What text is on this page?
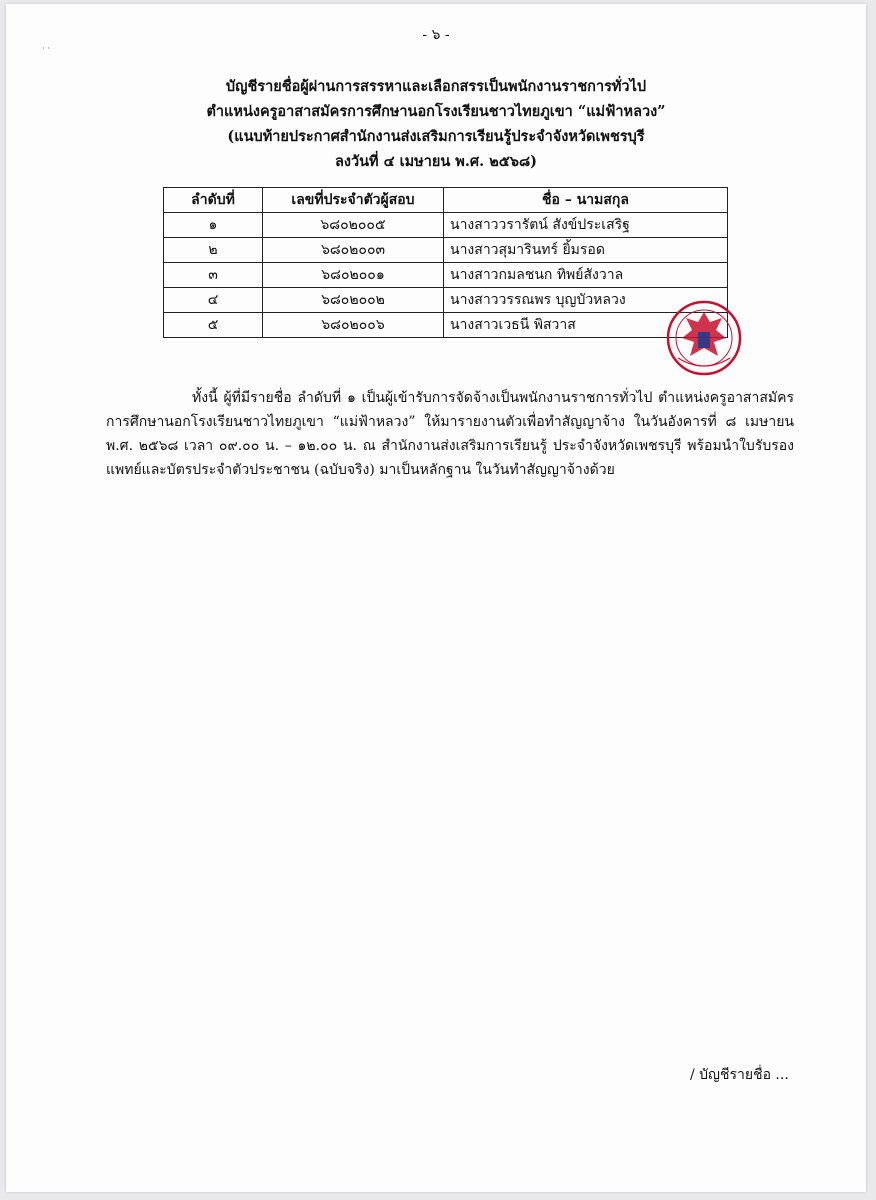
· ·
- ๖ -
บัญชีรายชื่อผู้ผ่านการสรรหาและเลือกสรรเป็นพนักงานราชการทั่วไป
ตำแหน่งครูอาสาสมัครการศึกษานอกโรงเรียนชาวไทยภูเขา “แม่ฟ้าหลวง”
(แนบท้ายประกาศสำนักงานส่งเสริมการเรียนรู้ประจำจังหวัดเพชรบุรี
ลงวันที่ ๔ เมษายน พ.ศ. ๒๕๖๘)
ลำดับที่	เลขที่ประจำตัวผู้สอบ	ชื่อ – นามสกุล
๑	๖๘๐๒๐๐๕	นางสาววรารัตน์ สังข์ประเสริฐ
๒	๖๘๐๒๐๐๓	นางสาวสุมารินทร์ ยิ้มรอด
๓	๖๘๐๒๐๐๑	นางสาวกมลชนก ทิพย์สังวาล
๔	๖๘๐๒๐๐๒	นางสาววรรณพร บุญบัวหลวง
๕	๖๘๐๒๐๐๖	นางสาวเวธนี พิสวาส

ทั้งนี้ ผู้ที่มีรายชื่อ ลำดับที่ ๑ เป็นผู้เข้ารับการจัดจ้างเป็นพนักงานราชการทั่วไป ตำแหน่งครูอาสาสมัครการศึกษานอกโรงเรียนชาวไทยภูเขา “แม่ฟ้าหลวง” ให้มารายงานตัวเพื่อทำสัญญาจ้าง ในวันอังคารที่ ๘ เมษายน พ.ศ. ๒๕๖๘ เวลา ๐๙.๐๐ น. – ๑๒.๐๐ น. ณ สำนักงานส่งเสริมการเรียนรู้ ประจำจังหวัดเพชรบุรี พร้อมนำใบรับรองแพทย์และบัตรประจำตัวประชาชน (ฉบับจริง) มาเป็นหลักฐาน ในวันทำสัญญาจ้างด้วย

/ บัญชีรายชื่อ ...
